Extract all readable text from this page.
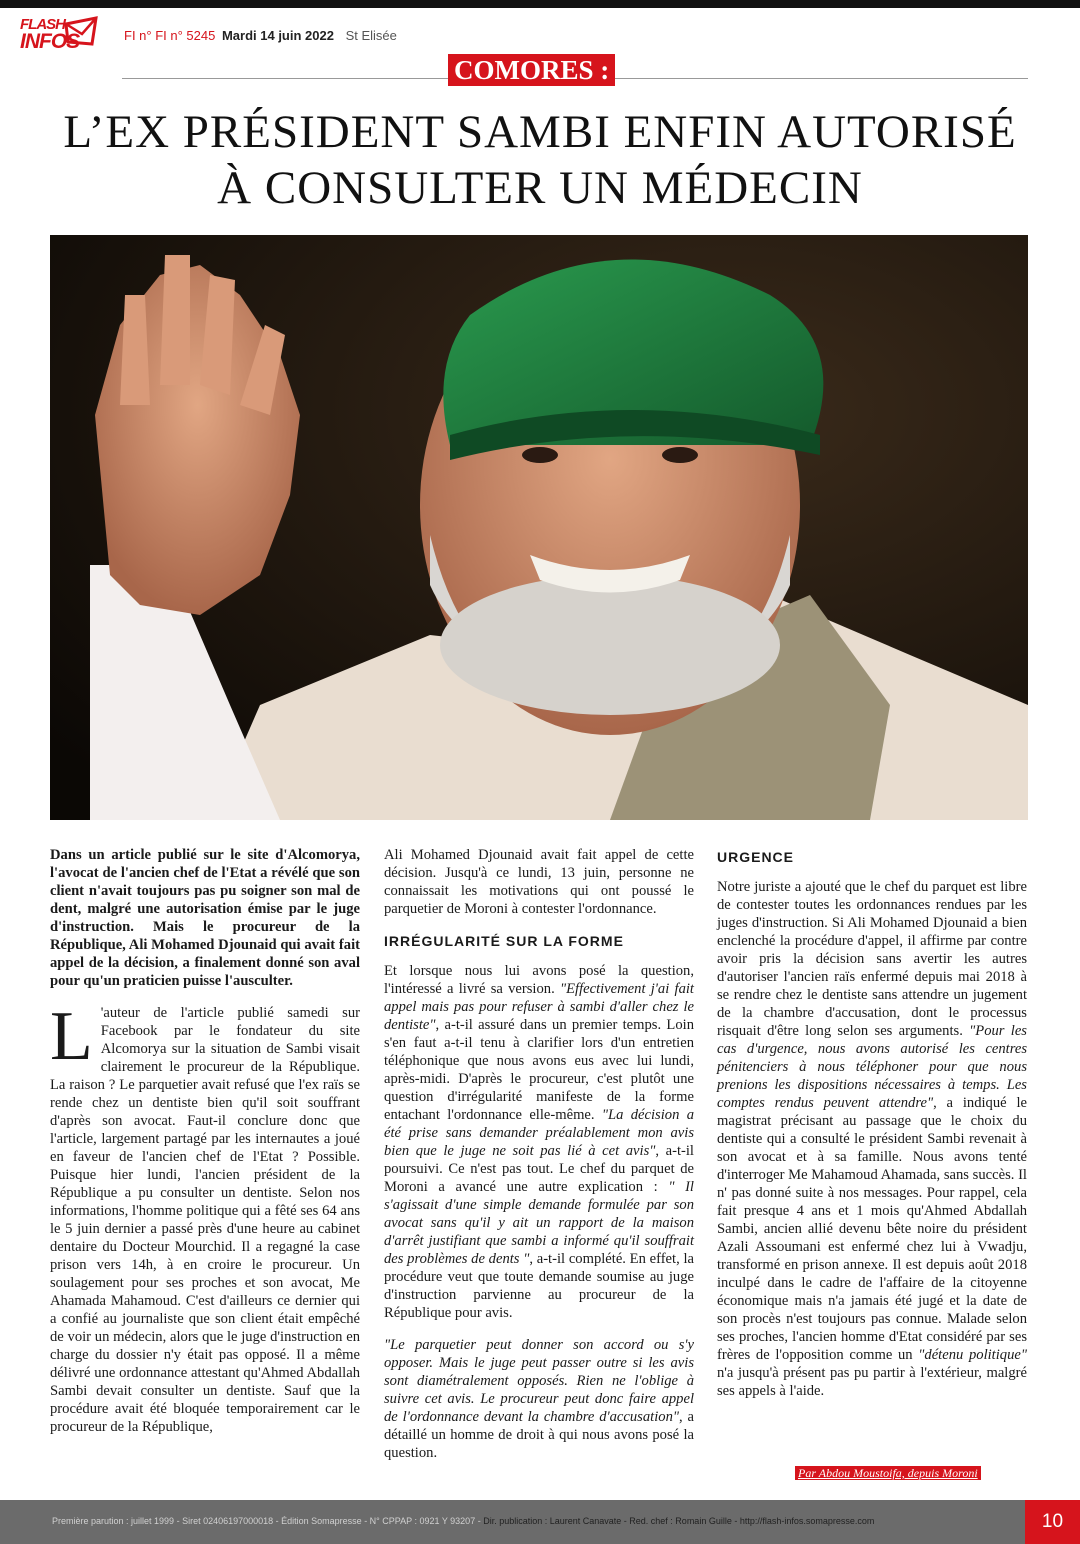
FLASH
INFOS	FI n° FI n° 5245 Mardi 14 juin 2022 St Elisée
COMORES :
L’EX PRÉSIDENT SAMBI ENFIN AUTORISÉ
À CONSULTER UN MÉDECIN

Dans un article publié sur le site d'Alcomorya, l'avocat de l'ancien chef de l'Etat a révélé que son client n'avait toujours pas pu soigner son mal de dent, malgré une autorisation émise par le juge d'instruction. Mais le procureur de la République, Ali Mohamed Djounaid qui avait fait appel de la décision, a finalement donné son aval pour qu'un praticien puisse l'ausculter.

L 'auteur de l'article publié samedi sur Facebook par le fondateur du site Alcomorya sur la situation de Sambi visait clairement le procureur de la République. La raison ? Le parquetier avait refusé que l'ex raïs se rende chez un dentiste bien qu'il soit souffrant d'après son avocat. Faut-il conclure donc que l'article, largement partagé par les internautes a joué en faveur de l'ancien chef de l'Etat ? Possible. Puisque hier lundi, l'ancien président de la République a pu consulter un dentiste. Selon nos informations, l'homme politique qui a fêté ses 64 ans le 5 juin dernier a passé près d'une heure au cabinet dentaire du Docteur Mourchid. Il a regagné la case prison vers 14h, à en croire le procureur. Un soulagement pour ses proches et son avocat, Me Ahamada Mahamoud. C'est d'ailleurs ce dernier qui a confié au journaliste que son client était empêché de voir un médecin, alors que le juge d'instruction en charge du dossier n'y était pas opposé. Il a même délivré une ordonnance attestant qu'Ahmed Abdallah Sambi devait consulter un dentiste. Sauf que la procédure avait été bloquée temporairement car le procureur de la République,

Ali Mohamed Djounaid avait fait appel de cette décision. Jusqu'à ce lundi, 13 juin, personne ne connaissait les motivations qui ont poussé le parquetier de Moroni à contester l'ordonnance.

IRRÉGULARITÉ SUR LA FORME

Et lorsque nous lui avons posé la question, l'intéressé a livré sa version. "Effectivement j'ai fait appel mais pas pour refuser à sambi d'aller chez le dentiste", a-t-il assuré dans un premier temps. Loin s'en faut a-t-il tenu à clarifier lors d'un entretien téléphonique que nous avons eus avec lui lundi, après-midi. D'après le procureur, c'est plutôt une question d'irrégularité manifeste de la forme entachant l'ordonnance elle-même. "La décision a été prise sans demander préalablement mon avis bien que le juge ne soit pas lié à cet avis", a-t-il poursuivi. Ce n'est pas tout. Le chef du parquet de Moroni a avancé une autre explication : " Il s'agissait d'une simple demande formulée par son avocat sans qu'il y ait un rapport de la maison d'arrêt justifiant que sambi a informé qu'il souffrait des problèmes de dents ", a-t-il complété. En effet, la procédure veut que toute demande soumise au juge d'instruction parvienne au procureur de la République pour avis.

"Le parquetier peut donner son accord ou s'y opposer. Mais le juge peut passer outre si les avis sont diamétralement opposés. Rien ne l'oblige à suivre cet avis. Le procureur peut donc faire appel de l'ordonnance devant la chambre d'accusation", a détaillé un homme de droit à qui nous avons posé la question.

URGENCE

Notre juriste a ajouté que le chef du parquet est libre de contester toutes les ordonnances rendues par les juges d'instruction. Si Ali Mohamed Djounaid a bien enclenché la procédure d'appel, il affirme par contre avoir pris la décision sans avertir les autres d'autoriser l'ancien raïs enfermé depuis mai 2018 à se rendre chez le dentiste sans attendre un jugement de la chambre d'accusation, dont le processus risquait d'être long selon ses arguments. "Pour les cas d'urgence, nous avons autorisé les centres pénitenciers à nous téléphoner pour que nous prenions les dispositions nécessaires à temps. Les comptes rendus peuvent attendre", a indiqué le magistrat précisant au passage que le choix du dentiste qui a consulté le président Sambi revenait à son avocat et à sa famille. Nous avons tenté d'interroger Me Mahamoud Ahamada, sans succès. Il n' pas donné suite à nos messages. Pour rappel, cela fait presque 4 ans et 1 mois qu'Ahmed Abdallah Sambi, ancien allié devenu bête noire du président Azali Assoumani est enfermé chez lui à Vwadju, transformé en prison annexe. Il est depuis août 2018 inculpé dans le cadre de l'affaire de la citoyenne économique mais n'a jamais été jugé et la date de son procès n'est toujours pas connue. Malade selon ses proches, l'ancien homme d'Etat considéré par ses frères de l'opposition comme un "détenu politique" n'a jusqu'à présent pas pu partir à l'extérieur, malgré ses appels à l'aide.

Par Abdou Moustoifa, depuis Moroni
Première parution : juillet 1999 - Siret 02406197000018 - Édition Somapresse - N° CPPAP : 0921 Y 93207 - Dir. publication : Laurent Canavate - Red. chef : Romain Guille - http://flash-infos.somapresse.com	10
